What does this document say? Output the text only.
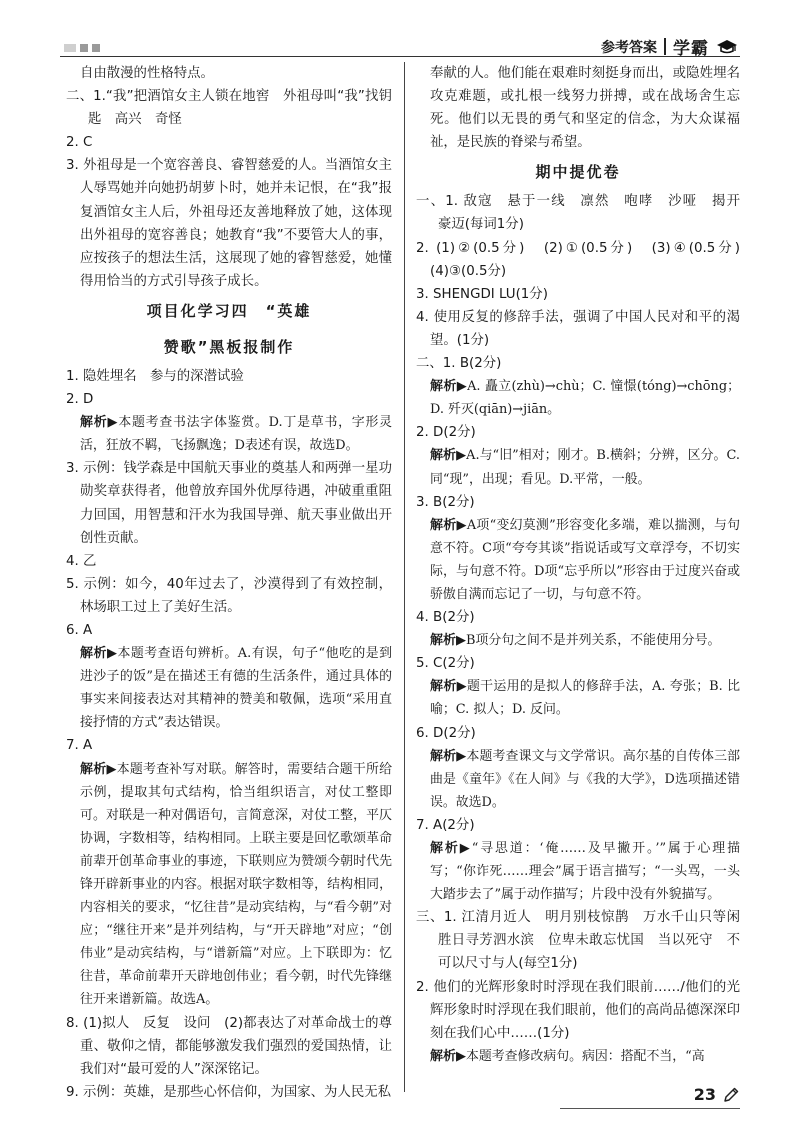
参考答案 学霸

自由散漫的性格特点。

二、1.“我”把酒馆女主人锁在地窖　外祖母叫“我”找钥匙　高兴　奇怪

2. C

3. 外祖母是一个宽容善良、睿智慈爱的人。当酒馆女主人辱骂她并向她扔胡萝卜时，她并未记恨，在“我”报复酒馆女主人后，外祖母还友善地释放了她，这体现出外祖母的宽容善良；她教育“我”不要管大人的事，应按孩子的想法生活，这展现了她的睿智慈爱，她懂得用恰当的方式引导孩子成长。

项目化学习四　“英雄

赞歌”黑板报制作

1. 隐姓埋名　参与的深潜试验

2. D

解析▶本题考查书法字体鉴赏。D.丁是草书，字形灵活，狂放不羁，飞扬飘逸；D表述有误，故选D。

3. 示例：钱学森是中国航天事业的奠基人和两弹一星功勋奖章获得者，他曾放弃国外优厚待遇，冲破重重阻力回国，用智慧和汗水为我国导弹、航天事业做出开创性贡献。

4. 乙

5. 示例：如今，40年过去了，沙漠得到了有效控制，林场职工过上了美好生活。

6. A

解析▶本题考查语句辨析。A.有误，句子“他吃的是到进沙子的饭”是在描述王有德的生活条件，通过具体的事实来间接表达对其精神的赞美和敬佩，选项“采用直接抒情的方式”表达错误。

7. A

解析▶本题考查补写对联。解答时，需要结合题干所给示例，提取其句式结构，恰当组织语言，对仗工整即可。对联是一种对偶语句，言简意深，对仗工整，平仄协调，字数相等，结构相同。上联主要是回忆歌颂革命前辈开创革命事业的事迹，下联则应为赞颂今朝时代先锋开辟新事业的内容。根据对联字数相等，结构相同，内容相关的要求，“忆往昔”是动宾结构，与“看今朝”对应；“继往开来”是并列结构，与“开天辟地”对应；“创伟业”是动宾结构，与“谱新篇”对应。上下联即为：忆往昔，革命前辈开天辟地创伟业；看今朝，时代先锋继往开来谱新篇。故选A。

8. (1)拟人　反复　设问　(2)都表达了对革命战士的尊重、敬仰之情，都能够激发我们强烈的爱国热情，让我们对“最可爱的人”深深铭记。

9. 示例：英雄，是那些心怀信仰，为国家、为人民无私

奉献的人。他们能在艰难时刻挺身而出，或隐姓埋名攻克难题，或扎根一线努力拼搏，或在战场舍生忘死。他们以无畏的勇气和坚定的信念，为大众谋福祉，是民族的脊梁与希望。

期中提优卷

一、1. 敌寇　悬于一线　凛然　咆哮　沙哑　揭开　豪迈(每词1分)

2. (1)②(0.5分)　(2)①(0.5分)　(3)④(0.5分)　(4)③(0.5分)

3. SHENGDI LU(1分)

4. 使用反复的修辞手法，强调了中国人民对和平的渴望。(1分)

二、1. B(2分)

解析▶A. 矗立(zhù)→chù；C. 憧憬(tóng)→chōng；D. 歼灭(qiān)→jiān。

2. D(2分)

解析▶A.与“旧”相对；刚才。B.横斜；分辨，区分。C.同“现”，出现；看见。D.平常，一般。

3. B(2分)

解析▶A项“变幻莫测”形容变化多端，难以揣测，与句意不符。C项“夸夸其谈”指说话或写文章浮夸，不切实际，与句意不符。D项“忘乎所以”形容由于过度兴奋或骄傲自满而忘记了一切，与句意不符。

4. B(2分)

解析▶B项分句之间不是并列关系，不能使用分号。

5. C(2分)

解析▶题干运用的是拟人的修辞手法，A. 夸张；B. 比喻；C. 拟人；D. 反问。

6. D(2分)

解析▶本题考查课文与文学常识。高尔基的自传体三部曲是《童年》《在人间》与《我的大学》，D选项描述错误。故选D。

7. A(2分)

解析▶“寻思道：‘俺……及早撇开。’”属于心理描写；“你诈死……理会”属于语言描写；“一头骂，一头大踏步去了”属于动作描写；片段中没有外貌描写。

三、1. 江清月近人　明月别枝惊鹊　万水千山只等闲　胜日寻芳泗水滨　位卑未敢忘忧国　当以死守　不可以尺寸与人(每空1分)

2. 他们的光辉形象时时浮现在我们眼前……/他们的光辉形象时时浮现在我们眼前，他们的高尚品德深深印刻在我们心中……(1分)

解析▶本题考查修改病句。病因：搭配不当，“高

23
